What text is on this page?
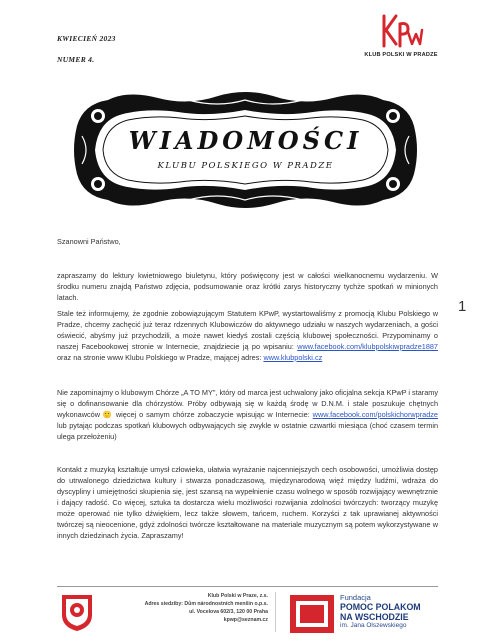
KWIECIEŃ 2023
NUMER 4.	KLUB POLSKI W PRADZE
WIADOMOŚCI
KLUBU POLSKIEGO W PRADZE
1
Szanowni Państwo,
zapraszamy do lektury kwietniowego biuletynu, który poświęcony jest w całości wielkanocnemu wydarzeniu. W środku numeru znajdą Państwo zdjęcia, podsumowanie oraz krótki zarys historyczny tychże spotkań w minionych latach.
Stale też informujemy, że zgodnie zobowiązującym Statutem KPwP, wystartowaliśmy z promocją Klubu Polskiego w Pradze, chcemy zachęcić już teraz rdzennych Klubowiczów do aktywnego udziału w naszych wydarzeniach, a gości oświecić, abyśmy już przychodzili, a może nawet kiedyś zostali częścią klubowej społeczności. Przypominamy o naszej Facebookowej stronie w Internecie, znajdziecie ją po wpisaniu: www.facebook.com/klubpolskiwpradze1887 oraz na stronie www Klubu Polskiego w Pradze, mającej adres: www.klubpolski.cz
Nie zapominajmy o klubowym Chórze „A TO MY", który od marca jest uchwalony jako oficjalna sekcja KPwP i staramy się o dofinansowanie dla chórzystów. Próby odbywają się w każdą środę w D.N.M. i stale poszukuje chętnych wykonawców 🙂 więcej o samym chórze zobaczycie wpisując w Internecie: www.facebook.com/polskichorwpradze lub pytając podczas spotkań klubowych odbywających się zwykle w ostatnie czwartki miesiąca (choć czasem termin ulega przełożeniu)
Kontakt z muzyką kształtuje umysł człowieka, ułatwia wyrażanie najcenniejszych cech osobowości, umożliwia dostęp do utrwalonego dziedzictwa kultury i stwarza ponadczasową, międzynarodową więź między ludźmi, wdraża do dyscypliny i umiejętności skupienia się, jest szansą na wypełnienie czasu wolnego w sposób rozwijający wewnętrznie i dający radość. Co więcej, sztuka ta dostarcza wielu możliwości rozwijania zdolności twórczych: tworzący muzykę może operować nie tylko dźwiękiem, lecz także słowem, tańcem, ruchem. Korzyści z tak uprawianej aktywności twórczej są nieocenione, gdyż zdolności twórcze kształtowane na materiale muzycznym są potem wykorzystywane w innych dziedzinach życia. Zapraszamy!
Klub Polski w Praze, z.s.
Adres siedziby: Dům národnostních menšin o.p.s.
ul. Vocelova 602/3, 120 00 Praha
kpwp@seznam.cz
Fundacja
POMOC POLAKOM
NA WSCHODZIE
im. Jana Olszewskiego
